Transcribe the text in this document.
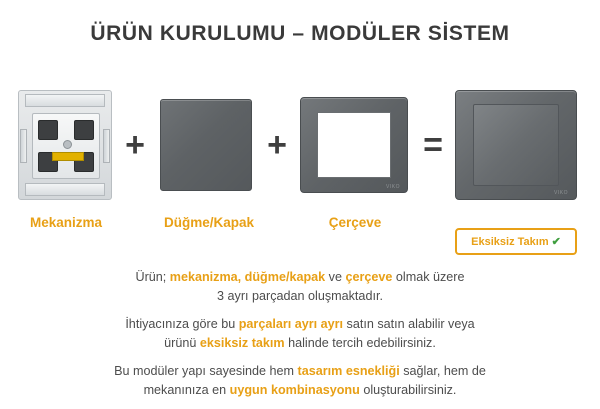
ÜRÜN KURULUMU – MODÜLER SİSTEM
+	+
VIKO
=
VIKO
Mekanizma	Düğme/Kapak	Çerçeve
Eksiksiz Takım ✔

Ürün; mekanizma, düğme/kapak ve çerçeve olmak üzere
3 ayrı parçadan oluşmaktadır.

İhtiyacınıza göre bu parçaları ayrı ayrı satın satın alabilir veya
ürünü eksiksiz takım halinde tercih edebilirsiniz.

Bu modüler yapı sayesinde hem tasarım esnekliği sağlar, hem de
mekanınıza en uygun kombinasyonu oluşturabilirsiniz.
